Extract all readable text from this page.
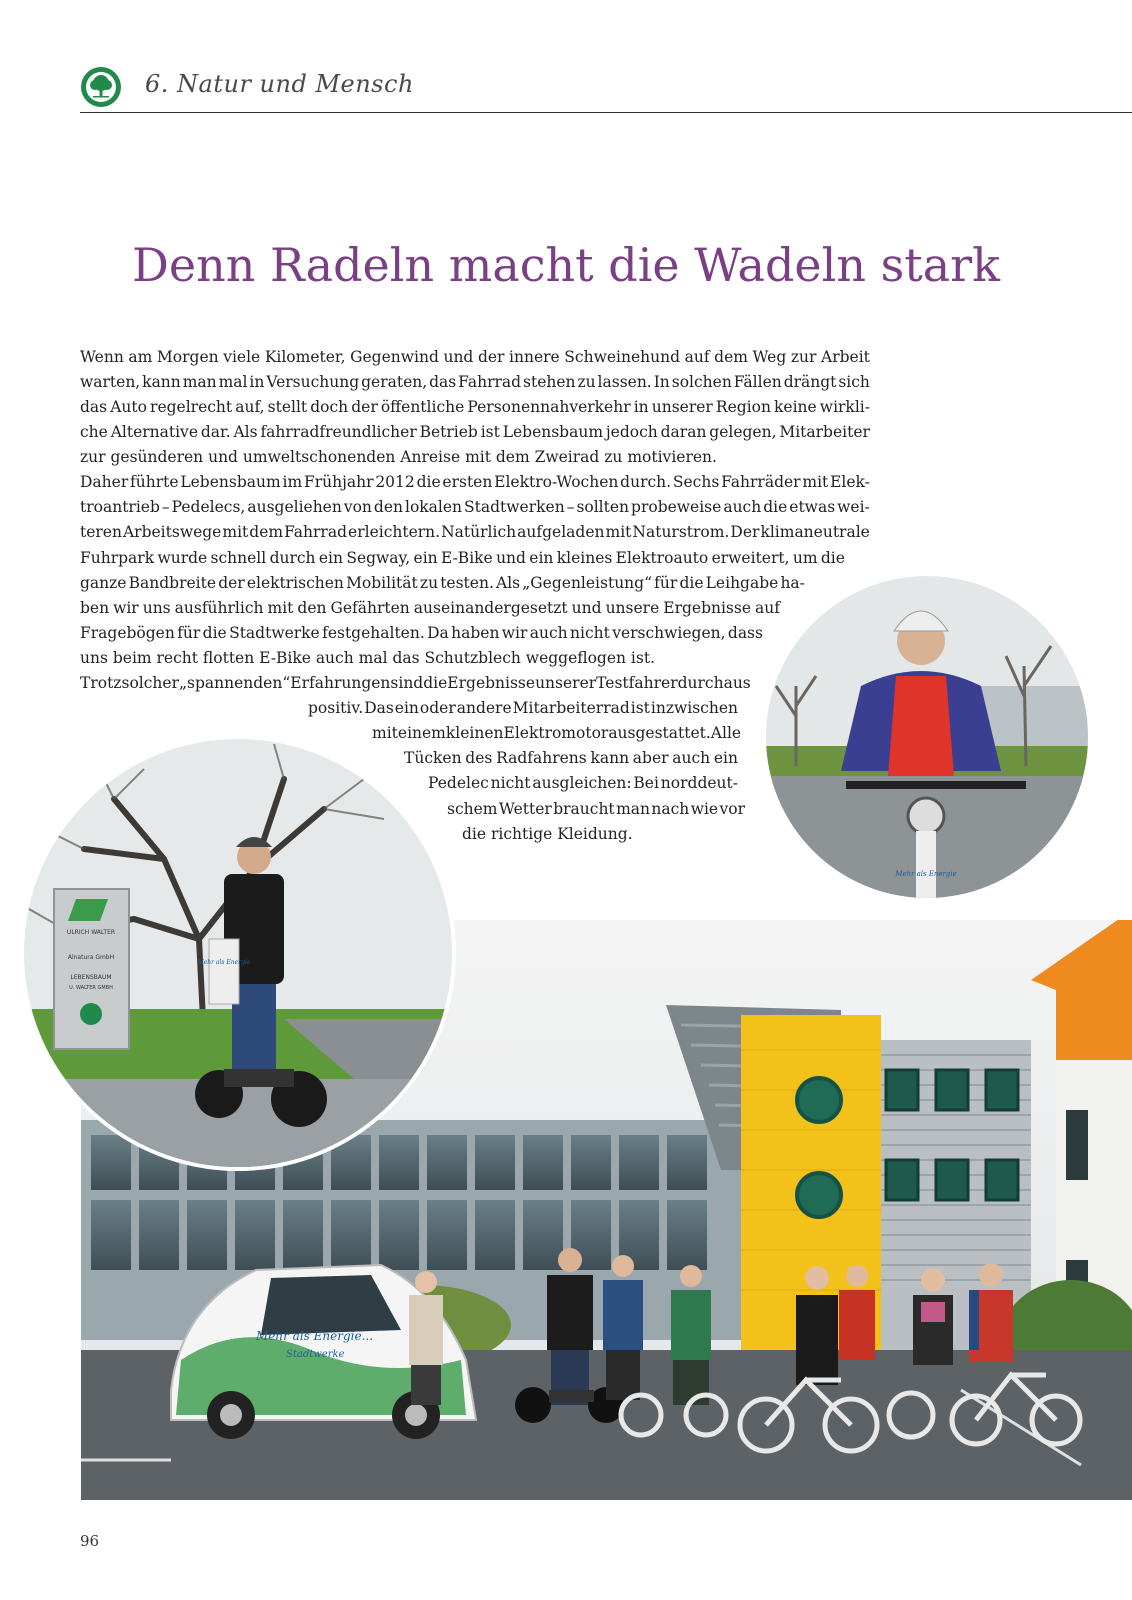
6. Natur und Mensch
Denn Radeln macht die Wadeln stark

Wenn am Morgen viele Kilometer, Gegenwind und der innere Schweinehund auf dem Weg zur Arbeit

warten, kann man mal in Versuchung geraten, das Fahrrad stehen zu lassen. In solchen Fällen drängt sich

das Auto regelrecht auf, stellt doch der öffentliche Personennahverkehr in unserer Region keine wirkli-

che Alternative dar. Als fahrradfreundlicher Betrieb ist Lebensbaum jedoch daran gelegen, Mitarbeiter

zur gesünderen und umweltschonenden Anreise mit dem Zweirad zu motivieren.

Daher führte Lebensbaum im Frühjahr 2012 die ersten Elektro-Wochen durch. Sechs Fahrräder mit Elek-

troantrieb – Pedelecs, ausgeliehen von den lokalen Stadtwerken – sollten probeweise auch die etwas wei-

teren Arbeitswege mit dem Fahrrad erleichtern. Natürlich aufgeladen mit Naturstrom. Der klimaneutrale

Fuhrpark wurde schnell durch ein Segway, ein E-Bike und ein kleines Elektroauto erweitert, um die

ganze Bandbreite der elektrischen Mobilität zu testen. Als „Gegenleistung“ für die Leihgabe ha-

ben wir uns ausführlich mit den Gefährten auseinandergesetzt und unsere Ergebnisse auf

Fragebögen für die Stadtwerke festgehalten. Da haben wir auch nicht verschwiegen, dass

uns beim recht flotten E-Bike auch mal das Schutzblech weggeflogen ist.

Trotz solcher „spannenden“ Erfahrungen sind die Ergebnisse unserer Testfahrer durchaus

positiv. Das ein oder andere Mitarbeiterrad ist inzwischen

mit einem kleinen Elektromotor ausgestattet. Alle

Tücken des Radfahrens kann aber auch ein

Pedelec nicht ausgleichen: Bei norddeut-

schem Wetter braucht man nach wie vor

die richtige Kleidung.

Mehr als Energie...
Stadtwerke
ULRICH WALTER
Alnatura GmbH
LEBENSBAUM
U. WALTER GMBH
Mehr als Energie
Mehr als Energie

96
